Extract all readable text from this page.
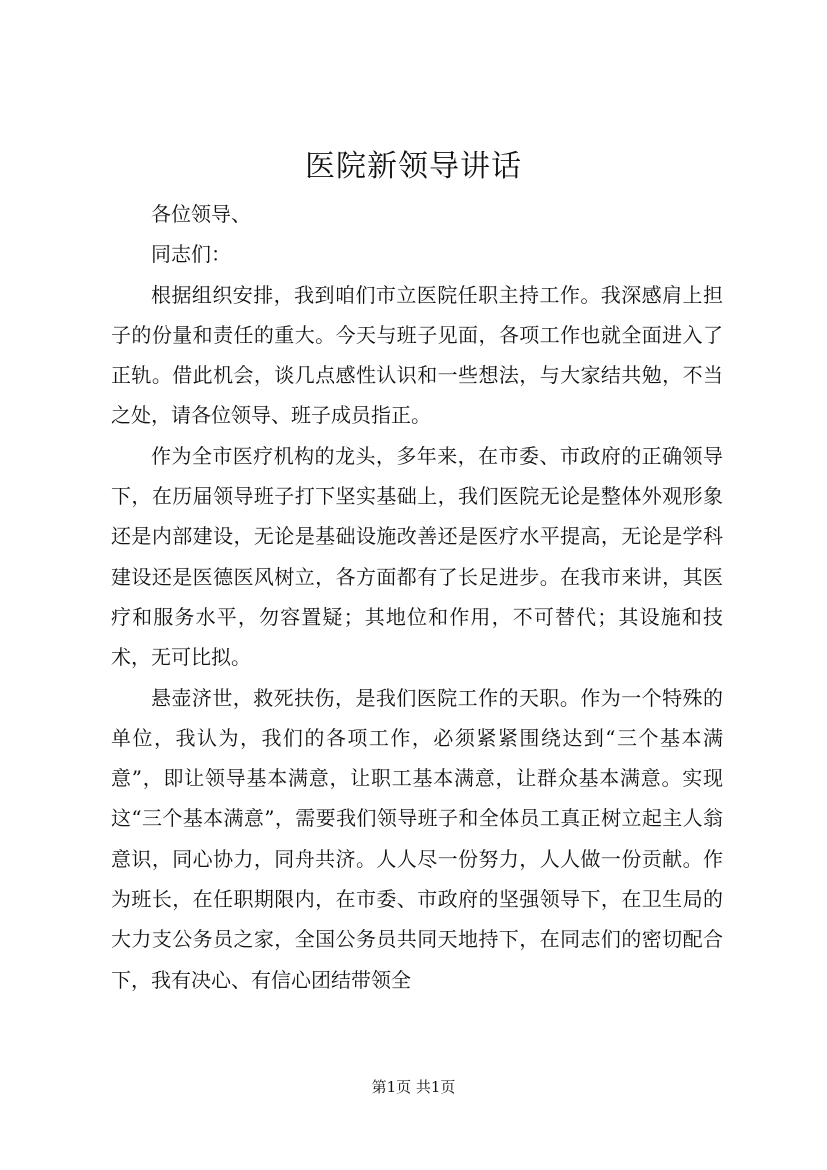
医院新领导讲话

各位领导、

同志们：

根据组织安排，我到咱们市立医院任职主持工作。我深感肩上担子的份量和责任的重大。今天与班子见面，各项工作也就全面进入了正轨。借此机会，谈几点感性认识和一些想法，与大家结共勉，不当之处，请各位领导、班子成员指正。

作为全市医疗机构的龙头，多年来，在市委、市政府的正确领导下，在历届领导班子打下坚实基础上，我们医院无论是整体外观形象还是内部建设，无论是基础设施改善还是医疗水平提高，无论是学科建设还是医德医风树立，各方面都有了长足进步。在我市来讲，其医疗和服务水平，勿容置疑；其地位和作用，不可替代；其设施和技术，无可比拟。

悬壶济世，救死扶伤，是我们医院工作的天职。作为一个特殊的单位，我认为，我们的各项工作，必须紧紧围绕达到“三个基本满意”，即让领导基本满意，让职工基本满意，让群众基本满意。实现这“三个基本满意”，需要我们领导班子和全体员工真正树立起主人翁意识，同心协力，同舟共济。人人尽一份努力，人人做一份贡献。作为班长，在任职期限内，在市委、市政府的坚强领导下，在卫生局的大力支公务员之家，全国公务员共同天地持下，在同志们的密切配合下，我有决心、有信心团结带领全

第1页 共1页
